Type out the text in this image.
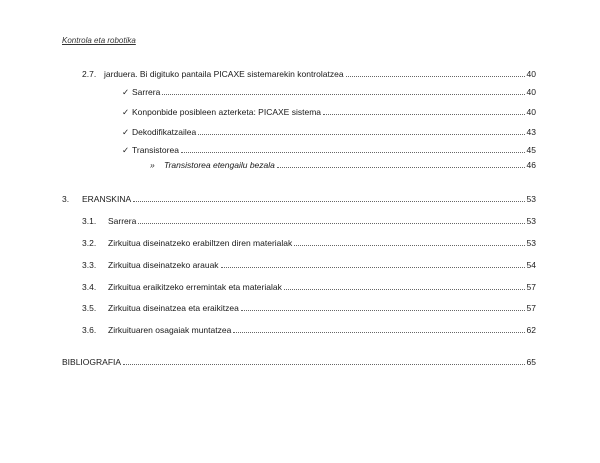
Kontrola eta robotika
2.7. jarduera. Bi digituko pantaila PICAXE sistemarekin kontrolatzea	40
✓ Sarrera	40
✓ Konponbide posibleen azterketa: PICAXE sistema	40
✓ Dekodifikatzailea	43
✓ Transistorea	45
»	Transistorea etengailu bezala	46
3.	ERANSKINA	53
3.1.	Sarrera	53
3.2.	Zirkuitua diseinatzeko erabiltzen diren materialak	53
3.3.	Zirkuitua diseinatzeko arauak	54
3.4.	Zirkuitua eraikitzeko erremintak eta materialak	57
3.5.	Zirkuitua diseinatzea eta eraikitzea	57
3.6.	Zirkuituaren osagaiak muntatzea	62
BIBLIOGRAFIA	65
